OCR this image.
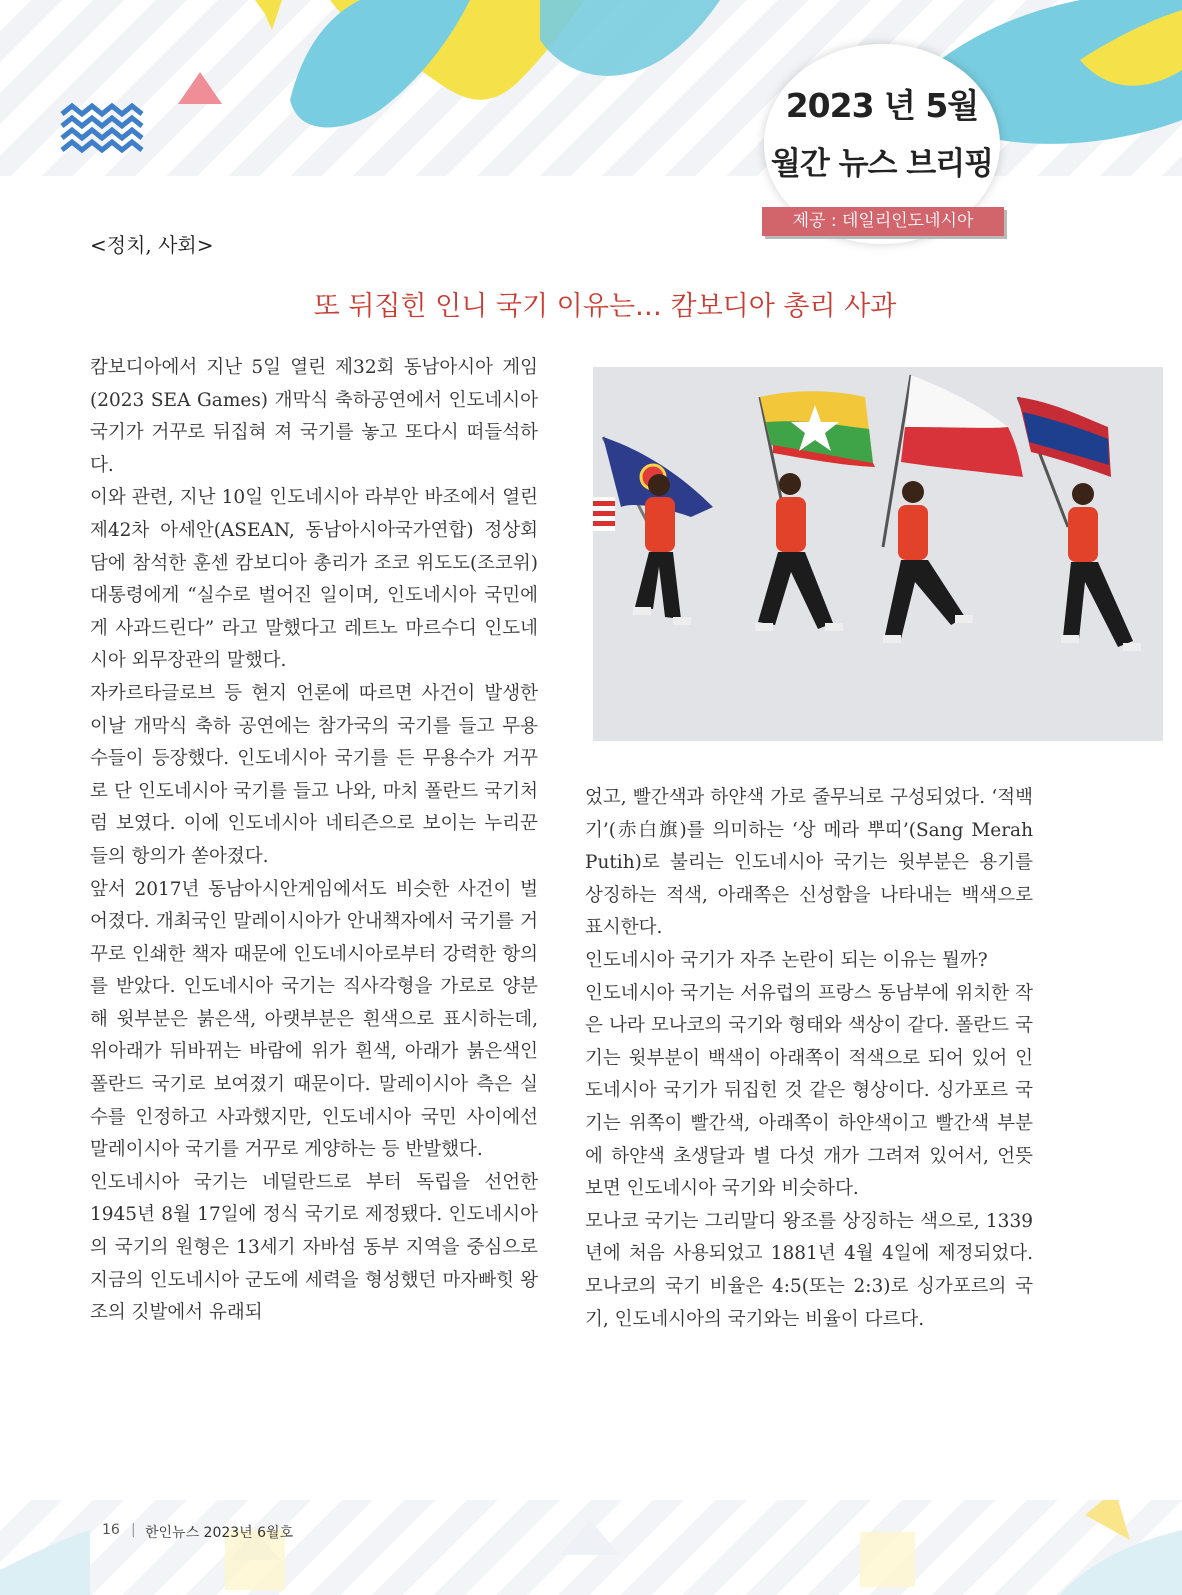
2023 년 5월
월간 뉴스 브리핑
제공 : 데일리인도네시아
<정치, 사회>
또 뒤집힌 인니 국기 이유는… 캄보디아 총리 사과

캄보디아에서 지난 5일 열린 제32회 동남아시아 게임(2023 SEA Games) 개막식 축하공연에서 인도네시아 국기가 거꾸로 뒤집혀 져 국기를 놓고 또다시 떠들석하다.

이와 관련, 지난 10일 인도네시아 라부안 바조에서 열린 제42차 아세안(ASEAN, 동남아시아국가연합) 정상회담에 참석한 훈센 캄보디아 총리가 조코 위도도(조코위) 대통령에게 “실수로 벌어진 일이며, 인도네시아 국민에게 사과드린다” 라고 말했다고 레트노 마르수디 인도네시아 외무장관의 말했다.

자카르타글로브 등 현지 언론에 따르면 사건이 발생한 이날 개막식 축하 공연에는 참가국의 국기를 들고 무용수들이 등장했다. 인도네시아 국기를 든 무용수가 거꾸로 단 인도네시아 국기를 들고 나와, 마치 폴란드 국기처럼 보였다. 이에 인도네시아 네티즌으로 보이는 누리꾼들의 항의가 쏟아졌다.

앞서 2017년 동남아시안게임에서도 비슷한 사건이 벌어졌다. 개최국인 말레이시아가 안내책자에서 국기를 거꾸로 인쇄한 책자 때문에 인도네시아로부터 강력한 항의를 받았다. 인도네시아 국기는 직사각형을 가로로 양분해 윗부분은 붉은색, 아랫부분은 흰색으로 표시하는데, 위아래가 뒤바뀌는 바람에 위가 흰색, 아래가 붉은색인 폴란드 국기로 보여졌기 때문이다. 말레이시아 측은 실수를 인정하고 사과했지만, 인도네시아 국민 사이에선 말레이시아 국기를 거꾸로 게양하는 등 반발했다.

인도네시아 국기는 네덜란드로 부터 독립을 선언한 1945년 8월 17일에 정식 국기로 제정됐다. 인도네시아의 국기의 원형은 13세기 자바섬 동부 지역을 중심으로 지금의 인도네시아 군도에 세력을 형성했던 마자빠힛 왕조의 깃발에서 유래되

었고, 빨간색과 하얀색 가로 줄무늬로 구성되었다. ‘적백기’(赤白旗)를 의미하는 ‘상 메라 뿌띠’(Sang Merah Putih)로 불리는 인도네시아 국기는 윗부분은 용기를 상징하는 적색, 아래쪽은 신성함을 나타내는 백색으로 표시한다.

인도네시아 국기가 자주 논란이 되는 이유는 뭘까?

인도네시아 국기는 서유럽의 프랑스 동남부에 위치한 작은 나라 모나코의 국기와 형태와 색상이 같다. 폴란드 국기는 윗부분이 백색이 아래쪽이 적색으로 되어 있어 인도네시아 국기가 뒤집힌 것 같은 형상이다. 싱가포르 국기는 위쪽이 빨간색, 아래쪽이 하얀색이고 빨간색 부분에 하얀색 초생달과 별 다섯 개가 그려져 있어서, 언뜻 보면 인도네시아 국기와 비슷하다.

모나코 국기는 그리말디 왕조를 상징하는 색으로, 1339년에 처음 사용되었고 1881년 4월 4일에 제정되었다. 모나코의 국기 비율은 4:5(또는 2:3)로 싱가포르의 국기, 인도네시아의 국기와는 비율이 다르다.

16 | 한인뉴스 2023년 6월호
